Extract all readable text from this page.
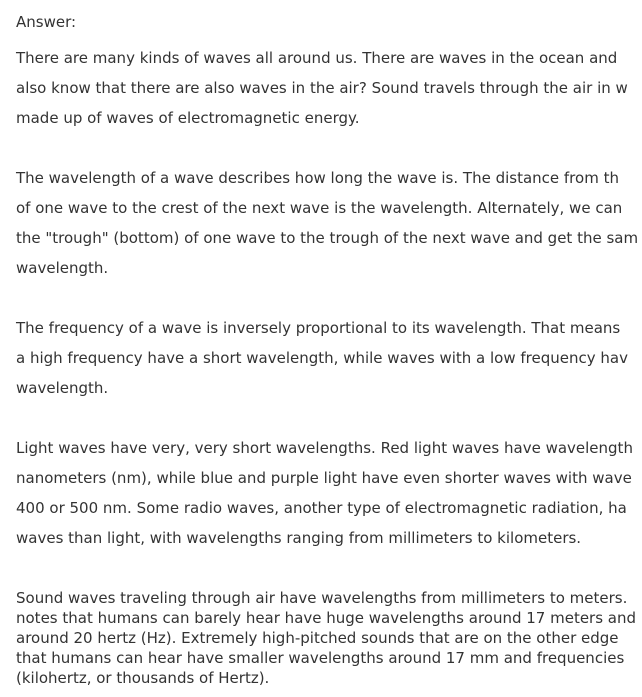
Answer:
There are many kinds of waves all around us. There are waves in the ocean and
also know that there are also waves in the air? Sound travels through the air in w
made up of waves of electromagnetic energy.
The wavelength of a wave describes how long the wave is. The distance from th
of one wave to the crest of the next wave is the wavelength. Alternately, we can
the "trough" (bottom) of one wave to the trough of the next wave and get the sam
wavelength.
The frequency of a wave is inversely proportional to its wavelength. That means
a high frequency have a short wavelength, while waves with a low frequency hav
wavelength.
Light waves have very, very short wavelengths. Red light waves have wavelength
nanometers (nm), while blue and purple light have even shorter waves with wave
400 or 500 nm. Some radio waves, another type of electromagnetic radiation, ha
waves than light, with wavelengths ranging from millimeters to kilometers.
Sound waves traveling through air have wavelengths from millimeters to meters.
notes that humans can barely hear have huge wavelengths around 17 meters and
around 20 hertz (Hz). Extremely high-pitched sounds that are on the other edge
that humans can hear have smaller wavelengths around 17 mm and frequencies
(kilohertz, or thousands of Hertz).
